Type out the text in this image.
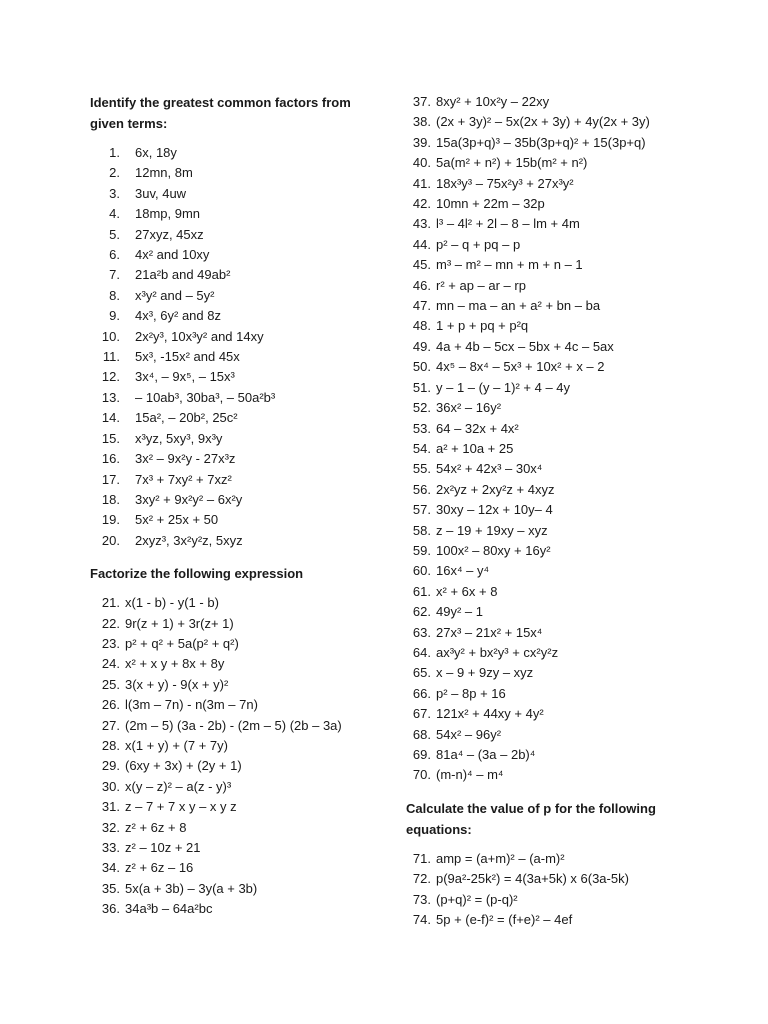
Identify the greatest common factors from
given terms:
1.	6x, 18y
2.	12mn, 8m
3.	3uv, 4uw
4.	18mp, 9mn
5.	27xyz, 45xz
6.	4x² and 10xy
7.	21a²b and 49ab²
8.	x³y² and – 5y²
9.	4x³, 6y² and 8z
10.	2x²y³, 10x³y² and 14xy
11.	5x³, -15x² and 45x
12.	3x⁴, – 9x⁵, – 15x³
13.	– 10ab³, 30ba³, – 50a²b³
14.	15a², – 20b², 25c²
15.	x³yz, 5xy³, 9x³y
16.	3x² – 9x²y - 27x³z
17.	7x³ + 7xy² + 7xz²
18.	3xy² + 9x²y² – 6x²y
19.	5x² + 25x + 50
20.	2xyz³, 3x²y²z, 5xyz
Factorize the following expression
21. x(1 - b) - y(1 - b)
22. 9r(z + 1) + 3r(z+ 1)
23. p² + q² + 5a(p² + q²)
24. x² + x y + 8x + 8y
25. 3(x + y) - 9(x + y)²
26. l(3m – 7n) - n(3m – 7n)
27. (2m – 5) (3a - 2b) - (2m – 5) (2b – 3a)
28. x(1 + y) + (7 + 7y)
29. (6xy + 3x) + (2y + 1)
30. x(y – z)² – a(z - y)³
31. z – 7 + 7 x y – x y z
32. z² + 6z + 8
33. z² – 10z + 21
34. z² + 6z – 16
35. 5x(a + 3b) – 3y(a + 3b)
36. 34a³b – 64a²bc
37. 8xy² + 10x²y – 22xy
38. (2x + 3y)² – 5x(2x + 3y) + 4y(2x + 3y)
39. 15a(3p+q)³ – 35b(3p+q)² + 15(3p+q)
40. 5a(m² + n²) + 15b(m² + n²)
41. 18x³y³ – 75x²y³ + 27x³y²
42. 10mn + 22m – 32p
43. l³ – 4l² + 2l – 8 – lm + 4m
44. p² – q + pq – p
45. m³ – m² – mn + m + n – 1
46. r² + ap – ar – rp
47. mn – ma – an + a² + bn – ba
48. 1 + p + pq + p²q
49. 4a + 4b – 5cx – 5bx + 4c – 5ax
50. 4x⁵ – 8x⁴ – 5x³ + 10x² + x – 2
51. y – 1 – (y – 1)² + 4 – 4y
52. 36x² – 16y²
53. 64 – 32x + 4x²
54. a² + 10a + 25
55. 54x² + 42x³ – 30x⁴
56. 2x²yz + 2xy²z + 4xyz
57. 30xy – 12x + 10y– 4
58. z – 19 + 19xy – xyz
59. 100x² – 80xy + 16y²
60. 16x⁴ – y⁴
61. x² + 6x + 8
62. 49y² – 1
63. 27x³ – 21x² + 15x⁴
64. ax³y² + bx²y³ + cx²y²z
65. x – 9 + 9zy – xyz
66. p² – 8p + 16
67. 121x² + 44xy + 4y²
68. 54x² – 96y²
69. 81a⁴ – (3a – 2b)⁴
70. (m-n)⁴ – m⁴
Calculate the value of p for the following
equations:
71. amp = (a+m)² – (a-m)²
72. p(9a²-25k²) = 4(3a+5k) x 6(3a-5k)
73. (p+q)² = (p-q)²
74. 5p + (e-f)² = (f+e)² – 4ef
